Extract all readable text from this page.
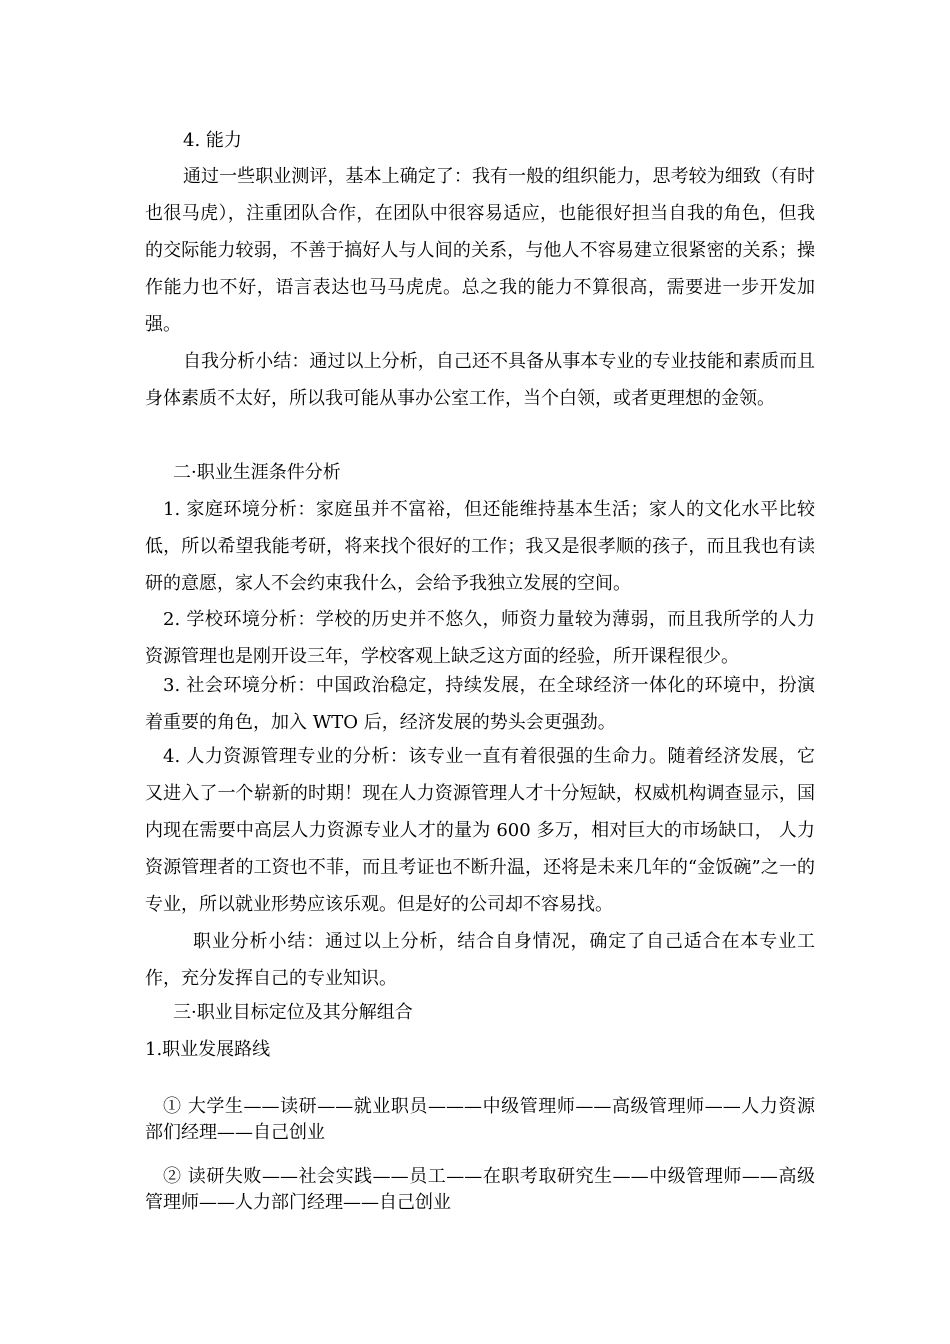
4. 能力

通过一些职业测评，基本上确定了：我有一般的组织能力，思考较为细致（有时也很马虎），注重团队合作，在团队中很容易适应，也能很好担当自我的角色，但我的交际能力较弱，不善于搞好人与人间的关系，与他人不容易建立很紧密的关系；操作能力也不好，语言表达也马马虎虎。总之我的能力不算很高，需要进一步开发加强。

自我分析小结：通过以上分析，自己还不具备从事本专业的专业技能和素质而且身体素质不太好，所以我可能从事办公室工作，当个白领，或者更理想的金领。

二·职业生涯条件分析

1. 家庭环境分析：家庭虽并不富裕，但还能维持基本生活；家人的文化水平比较低，所以希望我能考研，将来找个很好的工作；我又是很孝顺的孩子，而且我也有读研的意愿，家人不会约束我什么，会给予我独立发展的空间。

2. 学校环境分析：学校的历史并不悠久，师资力量较为薄弱，而且我所学的人力资源管理也是刚开设三年，学校客观上缺乏这方面的经验，所开课程很少。

3. 社会环境分析：中国政治稳定，持续发展，在全球经济一体化的环境中，扮演着重要的角色，加入 WTO 后，经济发展的势头会更强劲。

4. 人力资源管理专业的分析：该专业一直有着很强的生命力。随着经济发展，它又进入了一个崭新的时期！现在人力资源管理人才十分短缺，权威机构调查显示，国内现在需要中高层人力资源专业人才的量为 600 多万，相对巨大的市场缺口， 人力资源管理者的工资也不菲，而且考证也不断升温，还将是未来几年的“金饭碗”之一的专业，所以就业形势应该乐观。但是好的公司却不容易找。

职业分析小结：通过以上分析，结合自身情况，确定了自己适合在本专业工作，充分发挥自己的专业知识。

三·职业目标定位及其分解组合

1.职业发展路线

① 大学生——读研——就业职员———中级管理师——高级管理师——人力资源部们经理——自己创业

② 读研失败——社会实践——员工——在职考取研究生——中级管理师——高级管理师——人力部门经理——自己创业
